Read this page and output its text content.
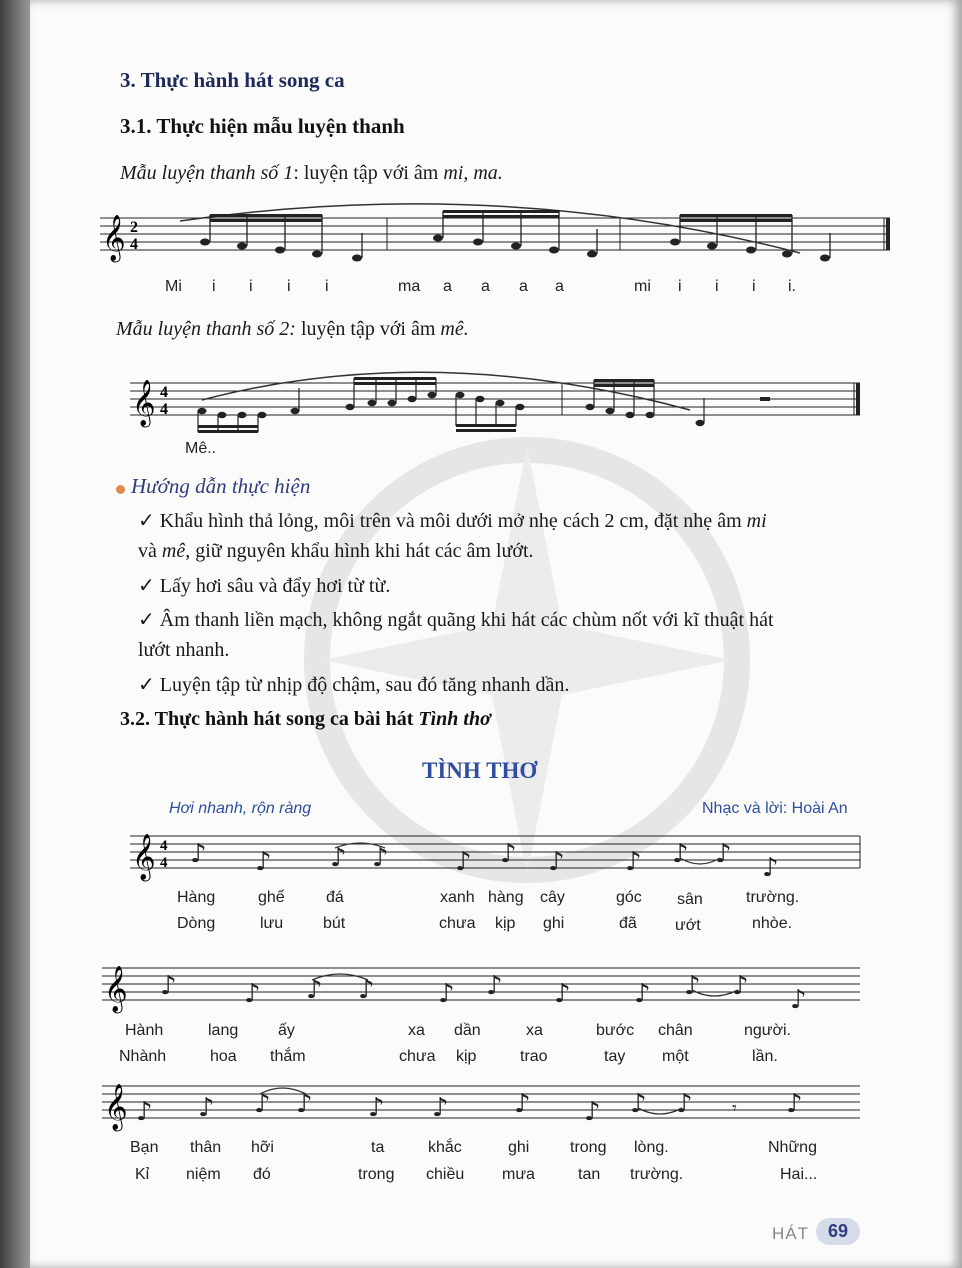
3. Thực hành hát song ca
3.1. Thực hiện mẫu luyện thanh
Mẫu luyện thanh số 1: luyện tập với âm mi, ma.
𝄞 2
4
Mi i i i i	ma a a a a	mi i i i i.
Mẫu luyện thanh số 2: luyện tập với âm mê.
𝄞 4
4
Mê..
Hướng dẫn thực hiện
✓ Khẩu hình thả lỏng, môi trên và môi dưới mở nhẹ cách 2 cm, đặt nhẹ âm mi
và mê, giữ nguyên khẩu hình khi hát các âm lướt.
✓ Lấy hơi sâu và đẩy hơi từ từ.
✓ Âm thanh liền mạch, không ngắt quãng khi hát các chùm nốt với kĩ thuật hát
lướt nhanh.
✓ Luyện tập từ nhịp độ chậm, sau đó tăng nhanh dần.
3.2. Thực hành hát song ca bài hát Tình thơ
TÌNH THƠ
Hơi nhanh, rộn ràng	Nhạc và lời: Hoài An
𝄞 4
4 ♪ ♪ ♪ ♪	♪ ♪ ♪ ♪ ♪ ♪ ♪
Hàng	ghế	đá	xanh hàng cây	góc sân	trường.
Dòng	lưu bút	chưa kịp ghi	đã ướt	nhòe.
𝄞 ♪	♪ ♪ ♪ ♪ ♪ ♪ ♪ ♪ ♪ ♪
Hành	lang ấy	xa dần	xa	bước chân	người.
Nhành	hoa thắm	chưa kịp	trao	tay một	lần.
𝄞 ♪ ♪ ♪ ♪ ♪ ♪	♪ ♪ ♪ ♪	♪
𝄾
Bạn thân hỡi	ta	khắc	ghi	trong lòng.	Những
Kỉ niệm đó	trong chiều mưa	tan trường.	Hai...
HÁT	69
